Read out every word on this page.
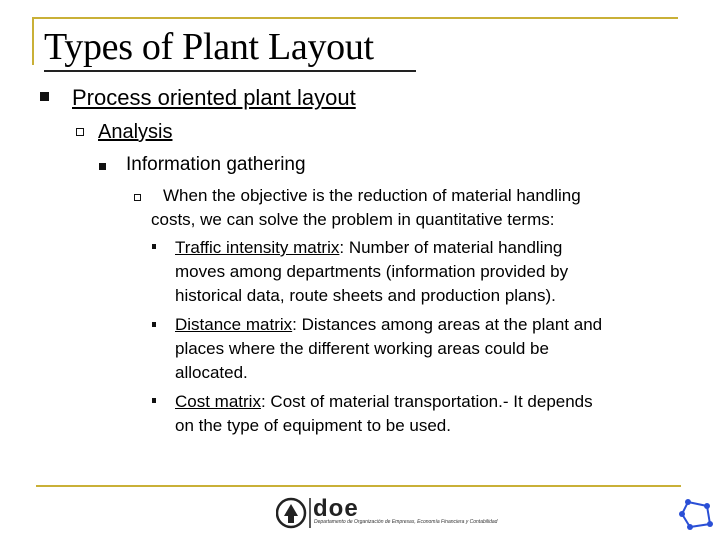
Types of Plant Layout
Process oriented plant layout
Analysis
Information gathering
When the objective is the reduction of material handling
costs, we can solve the problem in quantitative terms:
Traffic intensity matrix: Number of material handling
moves among departments (information provided by
historical data, route sheets and production plans).
Distance matrix: Distances among areas at the plant and
places where the different working areas could be
allocated.
Cost matrix: Cost of material transportation.- It depends
on the type of equipment to be used.
doe
Departamento de Organización de Empresas, Economía Financiera y Contabilidad
